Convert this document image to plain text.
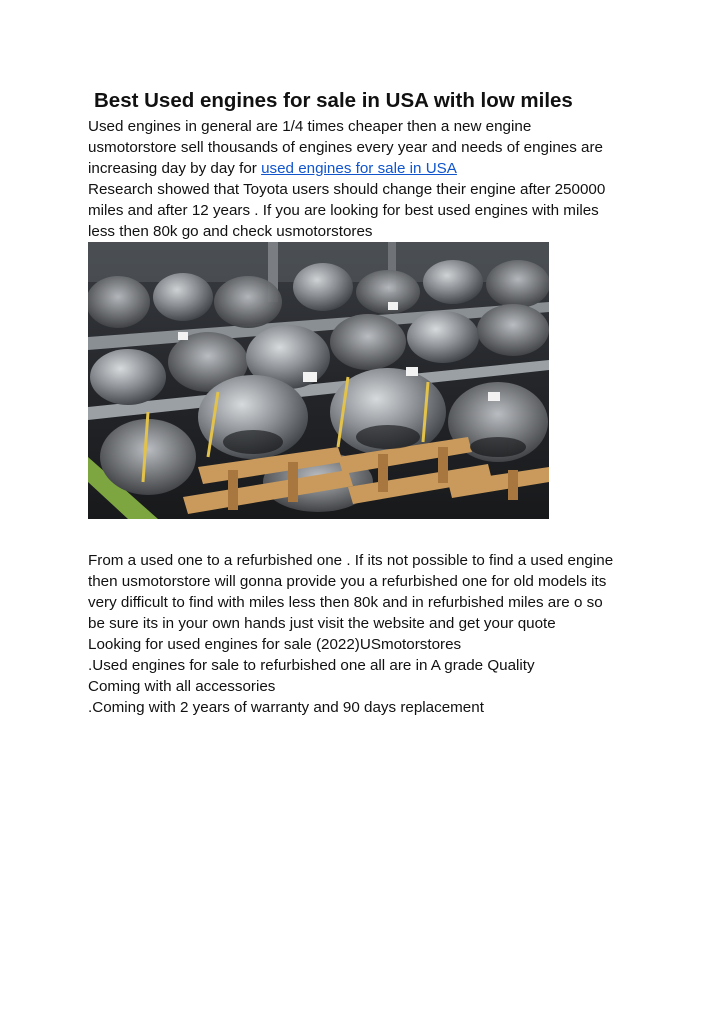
Best Used engines for sale in USA with low miles

Used engines in general are 1/4 times cheaper then a new engine

usmotorstore sell thousands of engines every year and needs of engines are

increasing day by day for used engines for sale in USA

Research showed that Toyota users should change their engine after 250000

miles and after 12 years . If you are looking for best used engines with miles

less then 80k go and check usmotorstores

From a used one to a refurbished one . If its not possible to find a used engine

then usmotorstore will gonna provide you a refurbished one for old models its

very difficult to find with miles less then 80k and in refurbished miles are o so

be sure its in your own hands just visit the website and get your quote

Looking for used engines for sale (2022)USmotorstores

.Used engines for sale to refurbished one all are in A grade Quality

Coming with all accessories

.Coming with 2 years of warranty and 90 days replacement
